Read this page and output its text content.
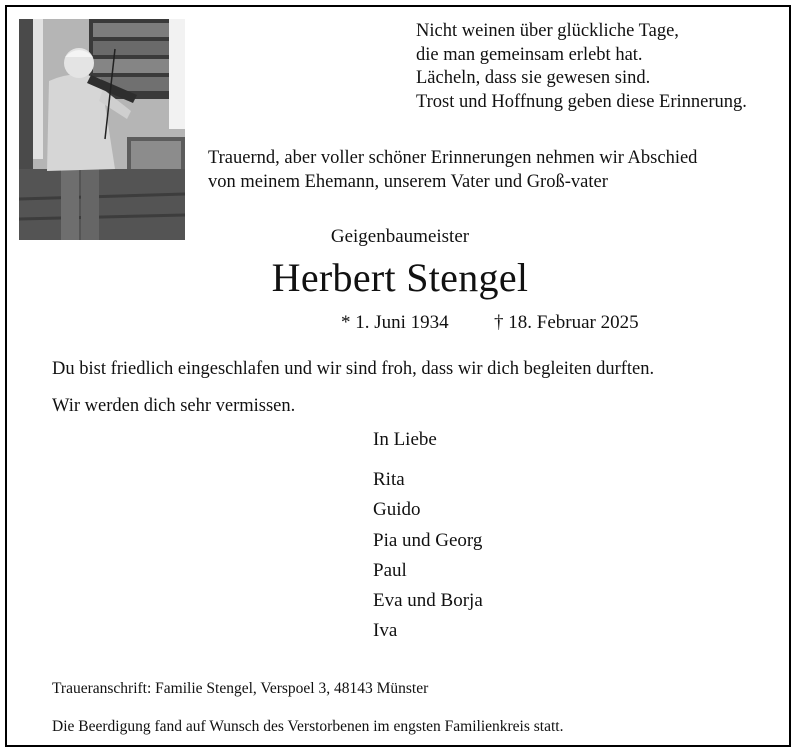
Nicht weinen über glückliche Tage,
die man gemeinsam erlebt hat.
Lächeln, dass sie gewesen sind.
Trost und Hoffnung geben diese Erinnerung.
Trauernd, aber voller schöner Erinnerungen nehmen wir Abschied
von meinem Ehemann, unserem Vater und Groß-vater
Geigenbaumeister
Herbert Stengel
* 1. Juni 1934 † 18. Februar 2025
Du bist friedlich eingeschlafen und wir sind froh, dass wir dich begleiten durften.
Wir werden dich sehr vermissen.
In Liebe
Rita
Guido
Pia und Georg
Paul
Eva und Borja
Iva
Traueranschrift: Familie Stengel, Verspoel 3, 48143 Münster
Die Beerdigung fand auf Wunsch des Verstorbenen im engsten Familienkreis statt.
